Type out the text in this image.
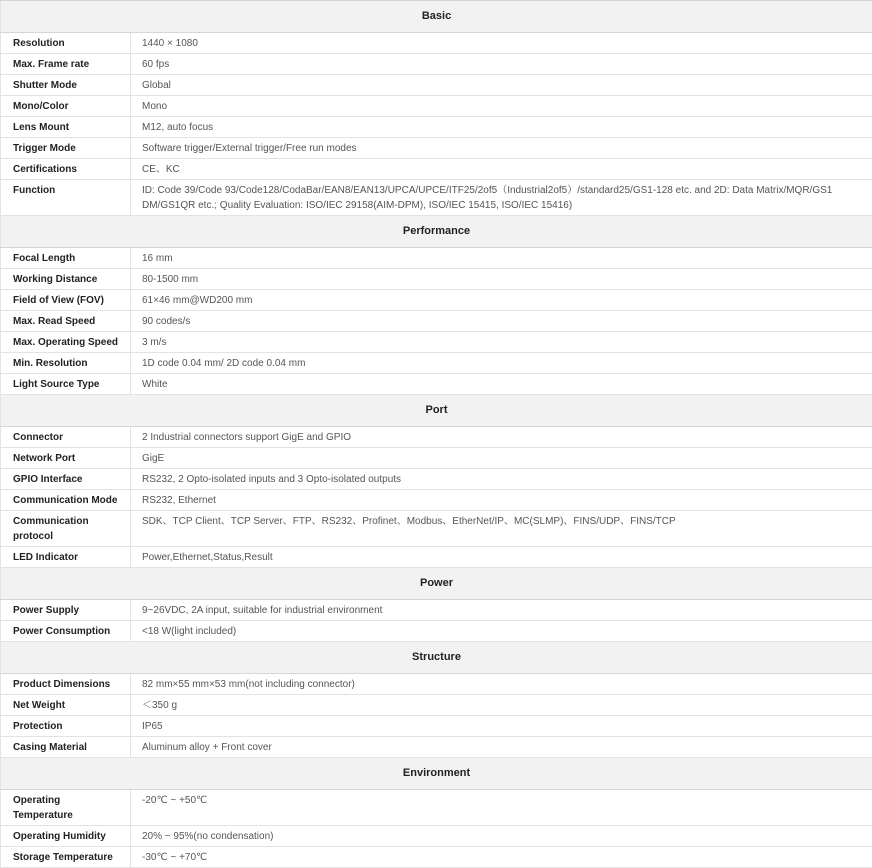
Basic	
Resolution	1440 × 1080
Max. Frame rate	60 fps
Shutter Mode	Global
Mono/Color	Mono
Lens Mount	M12, auto focus
Trigger Mode	Software trigger/External trigger/Free run modes
Certifications	CE、KC
Function	ID: Code 39/Code 93/Code128/CodaBar/EAN8/EAN13/UPCA/UPCE/ITF25/2of5（Industrial2of5）/standard25/GS1-128 etc. and 2D: Data Matrix/MQR/GS1 DM/GS1QR etc.; Quality Evaluation: ISO/IEC 29158(AIM-DPM), ISO/IEC 15415, ISO/IEC 15416)
Performance	
Focal Length	16 mm
Working Distance	80-1500 mm
Field of View (FOV)	61×46 mm@WD200 mm
Max. Read Speed	90 codes/s
Max. Operating Speed	3 m/s
Min. Resolution	1D code 0.04 mm/ 2D code 0.04 mm
Light Source Type	White
Port	
Connector	2 Industrial connectors support GigE and GPIO
Network Port	GigE
GPIO Interface	RS232, 2 Opto-isolated inputs and 3 Opto-isolated outputs
Communication Mode	RS232, Ethernet
Communication protocol	SDK、TCP Client、TCP Server、FTP、RS232、Profinet、Modbus、EtherNet/IP、MC(SLMP)、FINS/UDP、FINS/TCP
LED Indicator	Power,Ethernet,Status,Result
Power	
Power Supply	9~26VDC, 2A input, suitable for industrial environment
Power Consumption	<18 W(light included)
Structure	
Product Dimensions	82 mm×55 mm×53 mm(not including connector)
Net Weight	＜350 g
Protection	IP65
Casing Material	Aluminum alloy + Front cover
Environment	
Operating Temperature	-20℃ ~ +50℃
Operating Humidity	20% ~ 95%(no condensation)
Storage Temperature	-30℃ ~ +70℃
